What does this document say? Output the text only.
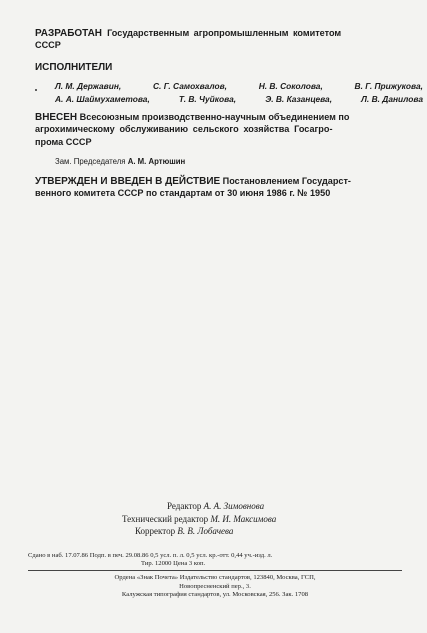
РАЗРАБОТАН Государственным агропромышленным комитетом
СССР
ИСПОЛНИТЕЛИ
Л. М. Державин,	С. Г. Самохвалов,	Н. В. Соколова,	В. Г. Прижукова,
А. А. Шаймухаметова,	Т. В. Чуйкова,	Э. В. Казанцева,	Л. В. Данилова
ВНЕСЕН Всесоюзным производственно-научным объединением по
агрохимическому обслуживанию сельского хозяйства Госагро-
прома СССР
Зам. Председателя А. М. Артюшин
УТВЕРЖДЕН И ВВЕДЕН В ДЕЙСТВИЕ Постановлением Государст-
венного комитета СССР по стандартам от 30 июня 1986 г. № 1950
Редактор А. А. Зимовнова
Технический редактор М. И. Максимова
Корректор В. В. Лобачева
Сдано в наб. 17.07.86 Подп. в печ. 29.08.86 0,5 усл. п. л. 0,5 усл. кр.-отт. 0,44 уч.-изд. л.
Тир. 12000 Цена 3 коп.
Ордена «Знак Почета» Издательство стандартов, 123840, Москва, ГСП,
Новопресненский пер., 3.
Калужская типография стандартов, ул. Московская, 256. Зак. 1708
